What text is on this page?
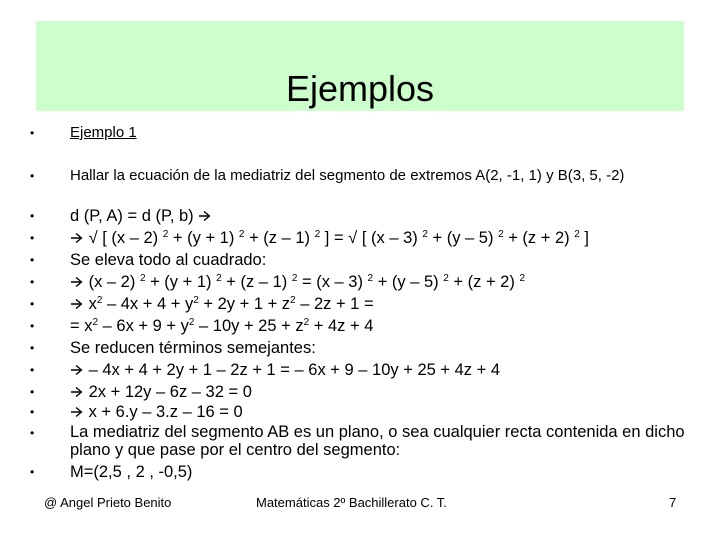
Ejemplos
•	Ejemplo 1
•	Hallar la ecuación de la mediatriz del segmento de extremos A(2, -1, 1) y B(3, 5, -2)
•	d (P, A) = d (P, b)
•	√ [ (x – 2) $^2$ + (y + 1) $^2$ + (z – 1) $^2$ ] = √ [ (x – 3) $^2$ + (y – 5) $^2$ + (z + 2) $^2$ ]
•	Se eleva todo al cuadrado:
•	(x – 2) $^2$ + (y + 1) $^2$ + (z – 1) $^2$ = (x – 3) $^2$ + (y – 5) $^2$ + (z + 2) $^2$
•	$x^2 - 4x + 4 + y^2 + 2y + 1 + z^2 - 2z + 1$ =
•	= $x^2 - 6x + 9 + y^2 - 10y + 25 + z^2 + 4z + 4$
•	Se reducen términos semejantes:
•	– 4x + 4 + 2y + 1 – 2z + 1 = – 6x + 9 – 10y + 25 + 4z + 4
•	2x + 12y – 6z – 32 = 0
•	x + 6.y – 3.z – 16 = 0
•	La mediatriz del segmento AB es un plano, o sea cualquier recta contenida en dicho plano y que pase por el centro del segmento:
•	M=(2,5 , 2 , -0,5)
@ Angel Prieto Benito	Matemáticas 2º Bachillerato C. T.	7
